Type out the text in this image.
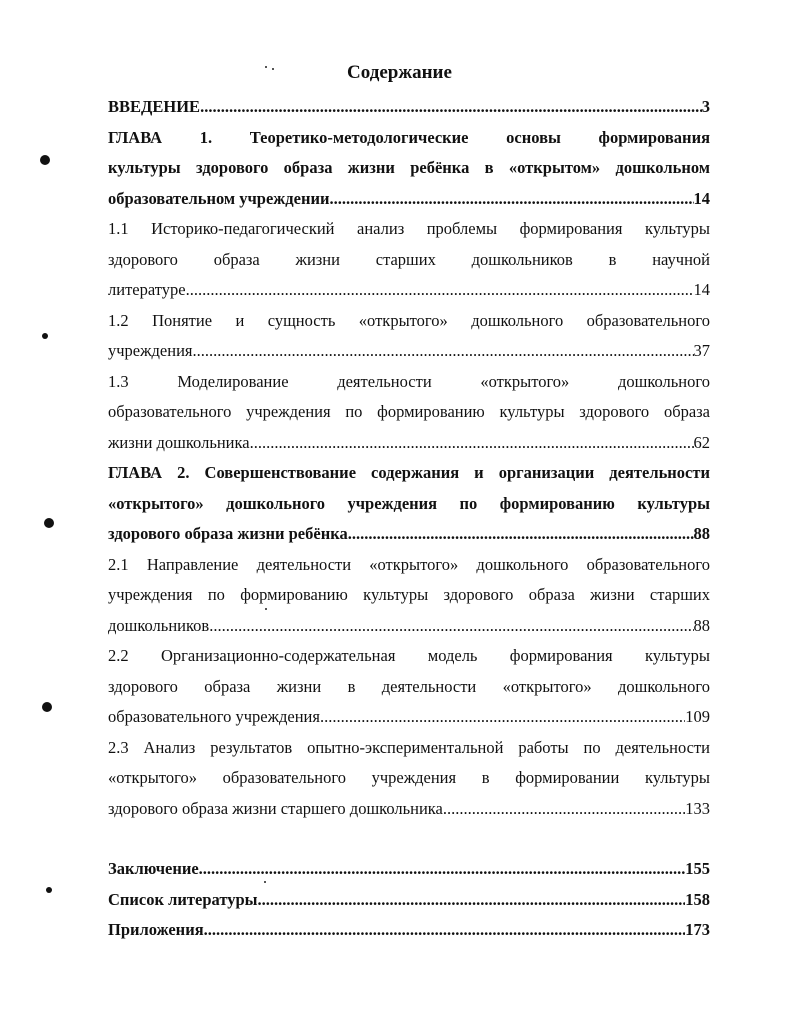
Содержание
ВВЕДЕНИЕ .....	3
ГЛАВА 1. Теоретико-методологические основы формирования
культуры здорового образа жизни ребёнка в «открытом» дошкольном
образовательном учреждении .....	14
1.1 Историко-педагогический анализ проблемы формирования культуры
здорового образа жизни старших дошкольников в научной
литературе .....	14
1.2 Понятие и сущность «открытого» дошкольного образовательного
учреждения .....	37
1.3 Моделирование деятельности «открытого» дошкольного
образовательного учреждения по формированию культуры здорового образа
жизни дошкольника .....	62
ГЛАВА 2. Совершенствование содержания и организации деятельности
«открытого» дошкольного учреждения по формированию культуры
здорового образа жизни ребёнка .....	88
2.1 Направление деятельности «открытого» дошкольного образовательного
учреждения по формированию культуры здорового образа жизни старших
дошкольников .....	88
2.2 Организационно-содержательная модель формирования культуры
здорового образа жизни в деятельности «открытого» дошкольного
образовательного учреждения .....	109
2.3 Анализ результатов опытно-экспериментальной работы по деятельности
«открытого» образовательного учреждения в формировании культуры
здорового образа жизни старшего дошкольника .....	133
Заключение .....	155
Список литературы .....	158
Приложения .....	173
